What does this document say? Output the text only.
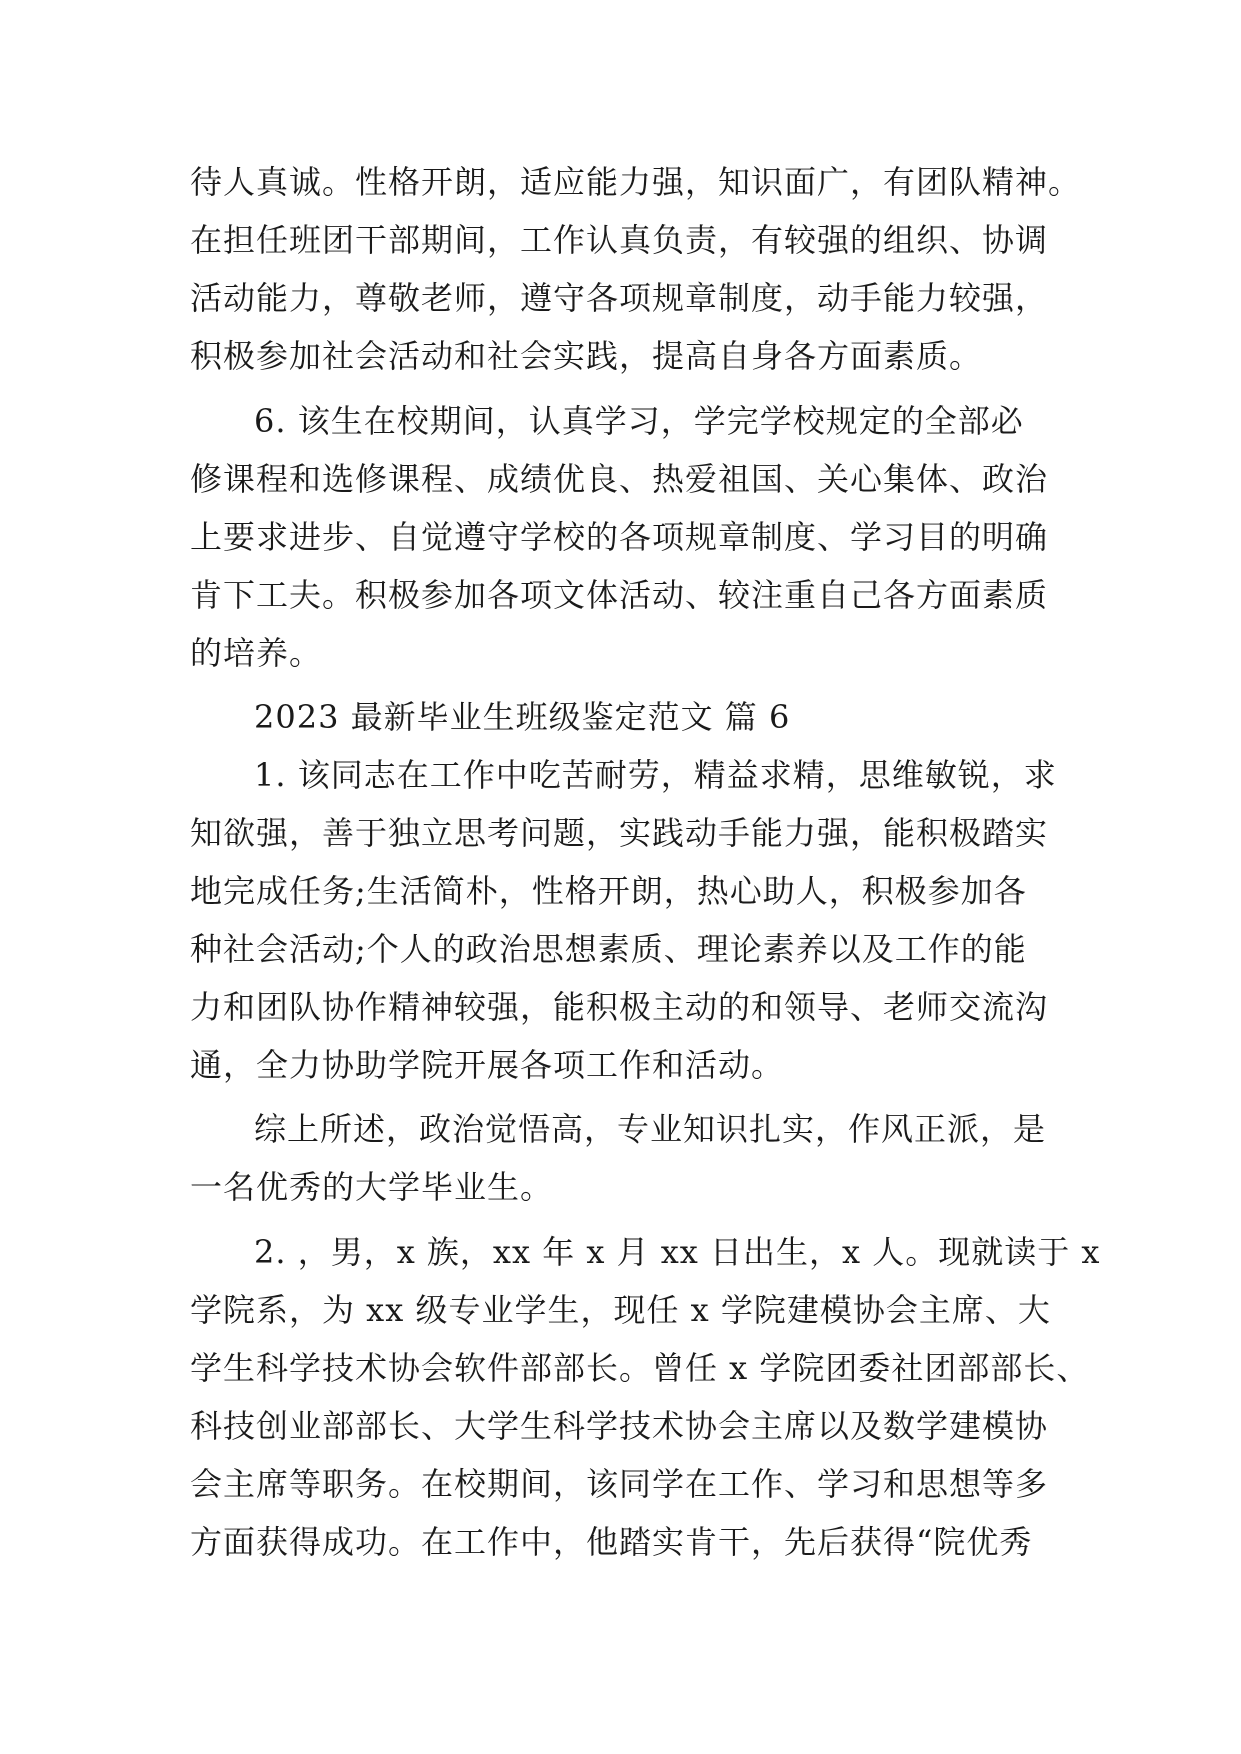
待人真诚。性格开朗，适应能力强，知识面广，有团队精神。
在担任班团干部期间，工作认真负责，有较强的组织、协调
活动能力，尊敬老师，遵守各项规章制度，动手能力较强，
积极参加社会活动和社会实践，提高自身各方面素质。
6. 该生在校期间，认真学习，学完学校规定的全部必
修课程和选修课程、成绩优良、热爱祖国、关心集体、政治
上要求进步、自觉遵守学校的各项规章制度、学习目的明确
肯下工夫。积极参加各项文体活动、较注重自己各方面素质
的培养。
2023 最新毕业生班级鉴定范文 篇 6
1. 该同志在工作中吃苦耐劳，精益求精，思维敏锐，求
知欲强，善于独立思考问题，实践动手能力强，能积极踏实
地完成任务;生活简朴，性格开朗，热心助人，积极参加各
种社会活动;个人的政治思想素质、理论素养以及工作的能
力和团队协作精神较强，能积极主动的和领导、老师交流沟
通，全力协助学院开展各项工作和活动。
综上所述，政治觉悟高，专业知识扎实，作风正派，是
一名优秀的大学毕业生。
2. ，男，x 族，xx 年 x 月 xx 日出生，x 人。现就读于 x
学院系，为 xx 级专业学生，现任 x 学院建模协会主席、大
学生科学技术协会软件部部长。曾任 x 学院团委社团部部长、
科技创业部部长、大学生科学技术协会主席以及数学建模协
会主席等职务。在校期间，该同学在工作、学习和思想等多
方面获得成功。在工作中，他踏实肯干，先后获得“院优秀
